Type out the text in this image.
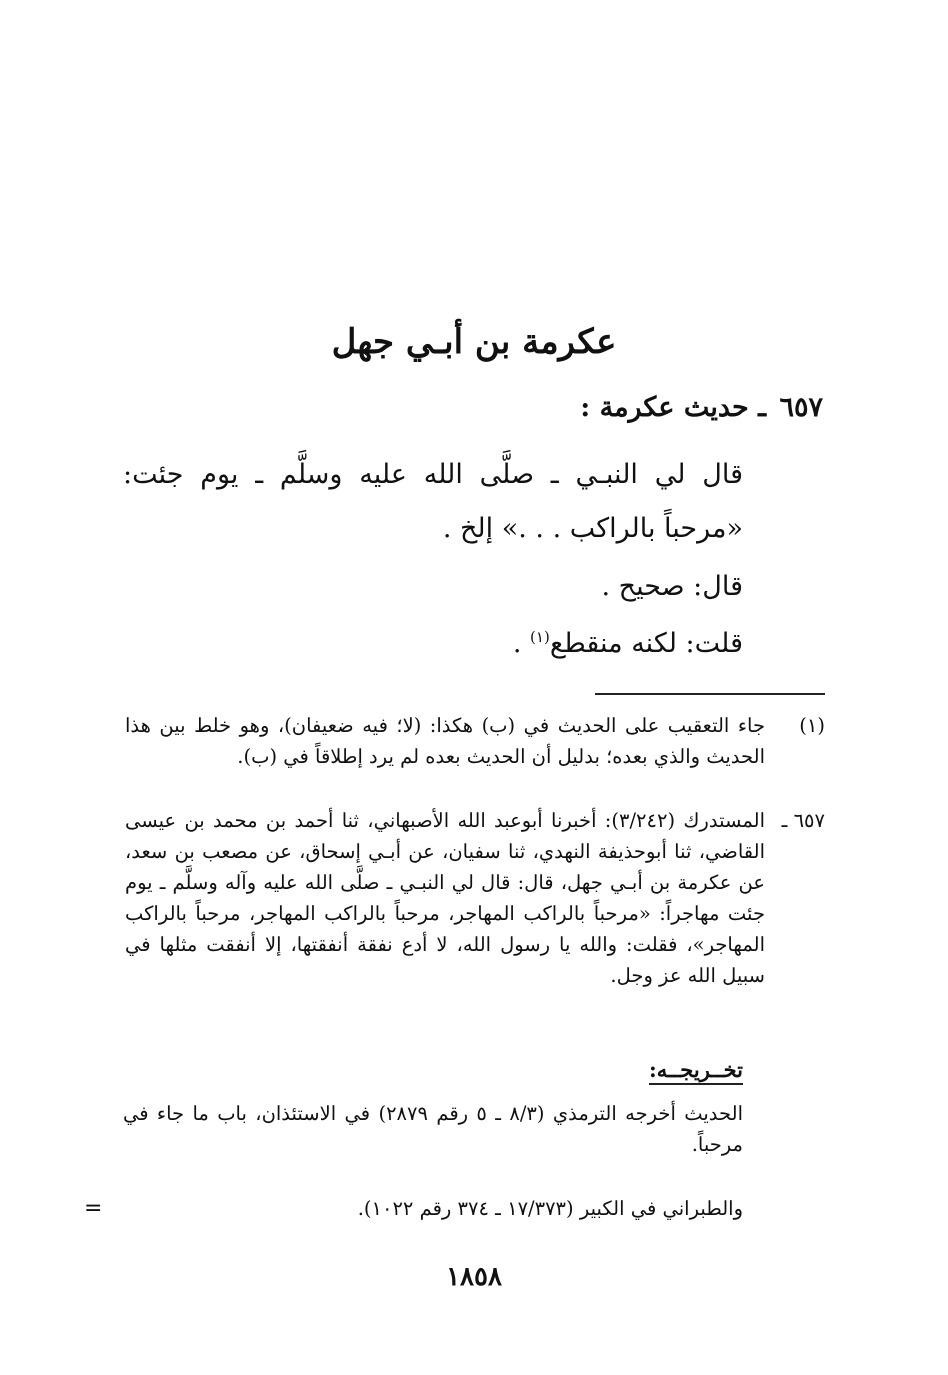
عكرمة بن أبـي جهل
٦٥٧ ـ حديث عكرمة :
قال لي النبـي ـ صلَّى الله عليه وسلَّم ـ يوم جئت: «مرحباً بالراكب . . .» إلخ .
قال: صحيح .
قلت: لكنه منقطع$^{(١)}$ .
(١)
جاء التعقيب على الحديث في (ب) هكذا: (لا؛ فيه ضعيفان)، وهو خلط بين هذا الحديث والذي بعده؛ بدليل أن الحديث بعده لم يرد إطلاقاً في (ب).
٦٥٧ ـ
المستدرك (٣/٢٤٢): أخبرنا أبوعبد الله الأصبهاني، ثنا أحمد بن محمد بن عيسى القاضي، ثنا أبوحذيفة النهدي، ثنا سفيان، عن أبـي إسحاق، عن مصعب بن سعد، عن عكرمة بن أبـي جهل، قال: قال لي النبـي ـ صلَّى الله عليه وآله وسلَّم ـ يوم جئت مهاجراً: «مرحباً بالراكب المهاجر، مرحباً بالراكب المهاجر، مرحباً بالراكب المهاجر»، فقلت: والله يا رسول الله، لا أدع نفقة أنفقتها، إلا أنفقت مثلها في سبيل الله عز وجل.
تخــريجــه:
الحديث أخرجه الترمذي (٨/٣ ـ ٥ رقم ٢٨٧٩) في الاستئذان، باب ما جاء في مرحباً.
والطبراني في الكبير (١٧/٣٧٣ ـ ٣٧٤ رقم ١٠٢٢).
=
١٨٥٨
